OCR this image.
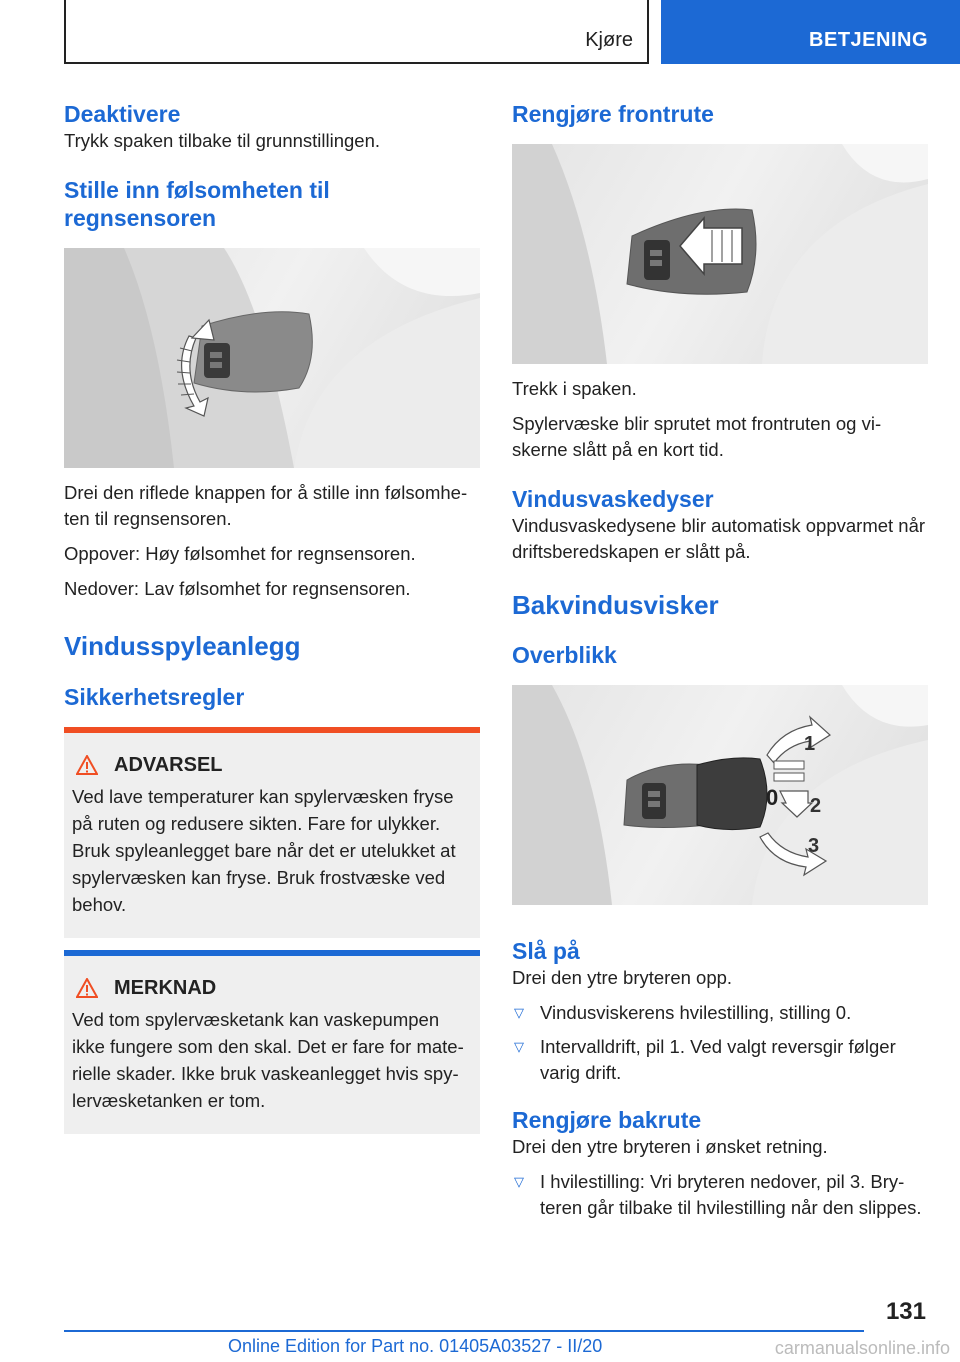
Kjøre	BETJENING
Deaktivere

Trykk spaken tilbake til grunnstillingen.

Stille inn følsomheten til regnsensoren

Drei den riflede knappen for å stille inn følsomheten til regnsensoren.

Oppover: Høy følsomhet for regnsensoren.

Nedover: Lav følsomhet for regnsensoren.

Vindusspyleanlegg
Sikkerhetsregler
ADVARSEL

Ved lave temperaturer kan spylervæsken fryse på ruten og redusere sikten. Fare for ulykker. Bruk spyleanlegget bare når det er utelukket at spylervæsken kan fryse. Bruk frostvæske ved behov.

MERKNAD

Ved tom spylervæsketank kan vaskepumpen ikke fungere som den skal. Det er fare for materielle skader. Ikke bruk vaskeanlegget hvis spylervæsketanken er tom.

Rengjøre frontrute

Trekk i spaken.

Spylervæske blir sprutet mot frontruten og viskerne slått på en kort tid.

Vindusvaskedyser

Vindusvaskedysene blir automatisk oppvarmet når driftsberedskapen er slått på.

Bakvindusvisker
Overblikk
1
0 2
3
Slå på

Drei den ytre bryteren opp.

▽ Vindusviskerens hvilestilling, stilling 0.
▽ Intervalldrift, pil 1. Ved valgt reversgir følger varig drift.
Rengjøre bakrute

Drei den ytre bryteren i ønsket retning.

▽ I hvilestilling: Vri bryteren nedover, pil 3. Bryteren går tilbake til hvilestilling når den slippes.
131
Online Edition for Part no. 01405A03527 - II/20	carmanualsonline.info
